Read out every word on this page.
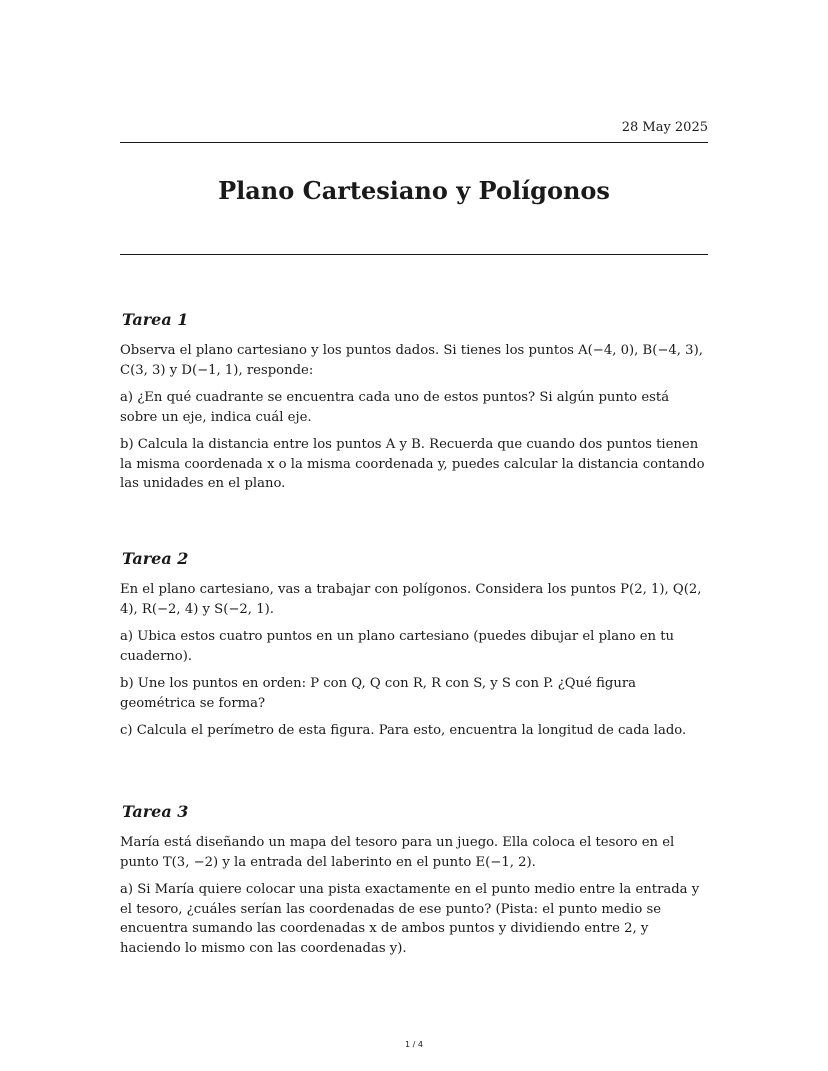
28 May 2025
Plano Cartesiano y Polígonos
Tarea 1

Observa el plano cartesiano y los puntos dados. Si tienes los puntos A(−4, 0), B(−4, 3), C(3, 3) y D(−1, 1), responde:

a) ¿En qué cuadrante se encuentra cada uno de estos puntos? Si algún punto está sobre un eje, indica cuál eje.

b) Calcula la distancia entre los puntos A y B. Recuerda que cuando dos puntos tienen la misma coordenada x o la misma coordenada y, puedes calcular la distancia contando las unidades en el plano.

Tarea 2

En el plano cartesiano, vas a trabajar con polígonos. Considera los puntos P(2, 1), Q(2, 4), R(−2, 4) y S(−2, 1).

a) Ubica estos cuatro puntos en un plano cartesiano (puedes dibujar el plano en tu cuaderno).

b) Une los puntos en orden: P con Q, Q con R, R con S, y S con P. ¿Qué figura geométrica se forma?

c) Calcula el perímetro de esta figura. Para esto, encuentra la longitud de cada lado.

Tarea 3

María está diseñando un mapa del tesoro para un juego. Ella coloca el tesoro en el punto T(3, −2) y la entrada del laberinto en el punto E(−1, 2).

a) Si María quiere colocar una pista exactamente en el punto medio entre la entrada y el tesoro, ¿cuáles serían las coordenadas de ese punto? (Pista: el punto medio se encuentra sumando las coordenadas x de ambos puntos y dividiendo entre 2, y haciendo lo mismo con las coordenadas y).

1 / 4
